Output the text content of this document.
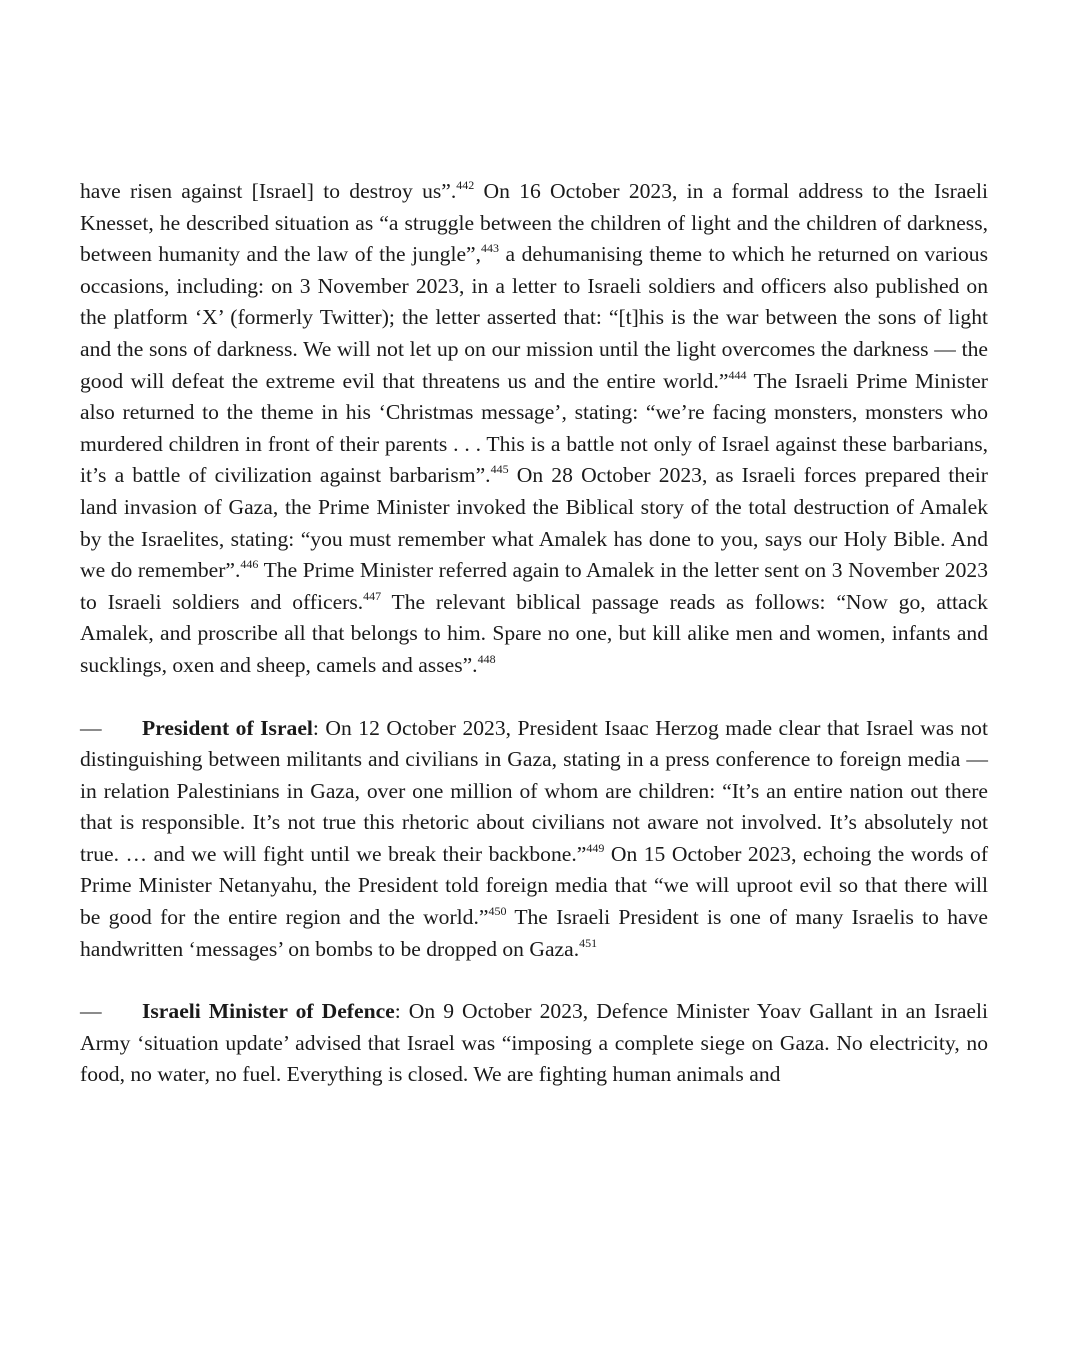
have risen against [Israel] to destroy us”.$^{442}$ On 16 October 2023, in a formal address to the Israeli Knesset, he described situation as “a struggle between the children of light and the children of darkness, between humanity and the law of the jungle”,$^{443}$ a dehumanising theme to which he returned on various occasions, including: on 3 November 2023, in a letter to Israeli soldiers and officers also published on the platform ‘X’ (formerly Twitter); the letter asserted that: “[t]his is the war between the sons of light and the sons of darkness. We will not let up on our mission until the light overcomes the darkness — the good will defeat the extreme evil that threatens us and the entire world.”$^{444}$ The Israeli Prime Minister also returned to the theme in his ‘Christmas message’, stating: “we’re facing monsters, monsters who murdered children in front of their parents . . . This is a battle not only of Israel against these barbarians, it’s a battle of civilization against barbarism”.$^{445}$ On 28 October 2023, as Israeli forces prepared their land invasion of Gaza, the Prime Minister invoked the Biblical story of the total destruction of Amalek by the Israelites, stating: “you must remember what Amalek has done to you, says our Holy Bible. And we do remember”.$^{446}$ The Prime Minister referred again to Amalek in the letter sent on 3 November 2023 to Israeli soldiers and officers.$^{447}$ The relevant biblical passage reads as follows: “Now go, attack Amalek, and proscribe all that belongs to him. Spare no one, but kill alike men and women, infants and sucklings, oxen and sheep, camels and asses”.$^{448}$

— President of Israel: On 12 October 2023, President Isaac Herzog made clear that Israel was not distinguishing between militants and civilians in Gaza, stating in a press conference to foreign media — in relation Palestinians in Gaza, over one million of whom are children: “It’s an entire nation out there that is responsible. It’s not true this rhetoric about civilians not aware not involved. It’s absolutely not true. … and we will fight until we break their backbone.”$^{449}$ On 15 October 2023, echoing the words of Prime Minister Netanyahu, the President told foreign media that “we will uproot evil so that there will be good for the entire region and the world.”$^{450}$ The Israeli President is one of many Israelis to have handwritten ‘messages’ on bombs to be dropped on Gaza.$^{451}$

— Israeli Minister of Defence: On 9 October 2023, Defence Minister Yoav Gallant in an Israeli Army ‘situation update’ advised that Israel was “imposing a complete siege on Gaza. No electricity, no food, no water, no fuel. Everything is closed. We are fighting human animals and
